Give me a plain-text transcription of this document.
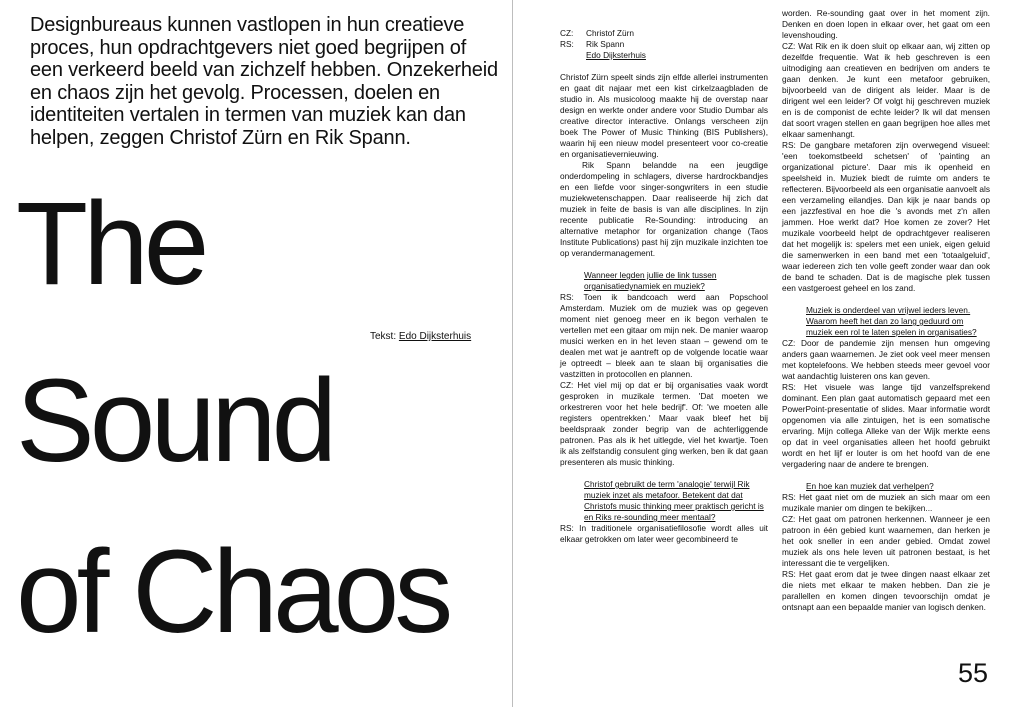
Designbureaus kunnen vastlopen in hun creatieve proces, hun opdrachtgevers niet goed begrijpen of een verkeerd beeld van zichzelf hebben. Onzekerheid en chaos zijn het gevolg. Processen, doelen en identiteiten vertalen in termen van muziek kan dan helpen, zeggen Christof Zürn en Rik Spann.

Tekst: Edo Dijksterhuis
The
Sound
of Chaos
CZ:	Christof Zürn
RS:	Rik Spann
Edo Dijksterhuis

Christof Zürn speelt sinds zijn elfde allerlei instrumenten en gaat dit najaar met een kist cirkelzaagbladen de studio in. Als musicoloog maakte hij de overstap naar design en werkte onder andere voor Studio Dumbar als creative director interactive. Onlangs verscheen zijn boek The Power of Music Thinking (BIS Publishers), waarin hij een nieuw model presenteert voor co-creatie en organisatievernieuwing.

Rik Spann belandde na een jeugdige onderdompeling in schlagers, diverse hardrockbandjes en een liefde voor singer-songwriters in een studie muziekwetenschappen. Daar realiseerde hij zich dat muziek in feite de basis is van alle disciplines. In zijn recente publicatie Re-Sounding: introducing an alternative metaphor for organization change (Taos Institute Publications) past hij zijn muzikale inzichten toe op verandermanagement.

Wanneer legden jullie de link tussen organisatiedynamiek en muziek?

RS: Toen ik bandcoach werd aan Popschool Amsterdam. Muziek om de muziek was op gegeven moment niet genoeg meer en ik begon verhalen te vertellen met een gitaar om mijn nek. De manier waarop musici werken en in het leven staan – gewend om te dealen met wat je aantreft op de volgende locatie waar je optreedt – bleek aan te slaan bij organisaties die vastzitten in protocollen en plannen.

CZ: Het viel mij op dat er bij organisaties vaak wordt gesproken in muzikale termen. 'Dat moeten we orkestreren voor het hele bedrijf'. Of: 'we moeten alle registers opentrekken.' Maar vaak bleef het bij beeldspraak zonder begrip van de achterliggende patronen. Pas als ik het uitlegde, viel het kwartje. Toen ik als zelfstandig consulent ging werken, ben ik dat gaan presenteren als music thinking.

Christof gebruikt de term 'analogie' terwijl Rik muziek inzet als metafoor. Betekent dat dat Christofs music thinking meer praktisch gericht is en Riks re-sounding meer mentaal?

RS: In traditionele organisatiefilosofie wordt alles uit elkaar getrokken om later weer gecombineerd te

worden. Re-sounding gaat over in het moment zijn. Denken en doen lopen in elkaar over, het gaat om een levenshouding.

CZ: Wat Rik en ik doen sluit op elkaar aan, wij zitten op dezelfde frequentie. Wat ik heb geschreven is een uitnodiging aan creatieven en bedrijven om anders te gaan denken. Je kunt een metafoor gebruiken, bijvoorbeeld van de dirigent als leider. Maar is de dirigent wel een leider? Of volgt hij geschreven muziek en is de componist de echte leider? Ik wil dat mensen dat soort vragen stellen en gaan begrijpen hoe alles met elkaar samenhangt.

RS: De gangbare metaforen zijn overwegend visueel: 'een toekomstbeeld schetsen' of 'painting an organizational picture'. Daar mis ik openheid en speelsheid in. Muziek biedt de ruimte om anders te reflecteren. Bijvoorbeeld als een organisatie aanvoelt als een verzameling eilandjes. Dan kijk je naar bands op een jazzfestival en hoe die 's avonds met z'n allen jammen. Hoe werkt dat? Hoe komen ze zover? Het muzikale voorbeeld helpt de opdrachtgever realiseren dat het mogelijk is: spelers met een uniek, eigen geluid die samenwerken in een band met een 'totaalgeluid', waar iedereen zich ten volle geeft zonder waar dan ook de band te schaden. Dat is de magische plek tussen een vastgeroest geheel en los zand.

Muziek is onderdeel van vrijwel ieders leven. Waarom heeft het dan zo lang geduurd om muziek een rol te laten spelen in organisaties?

CZ: Door de pandemie zijn mensen hun omgeving anders gaan waarnemen. Je ziet ook veel meer mensen met koptelefoons. We hebben steeds meer gevoel voor wat aandachtig luisteren ons kan geven.

RS: Het visuele was lange tijd vanzelfsprekend dominant. Een plan gaat automatisch gepaard met een PowerPoint-presentatie of slides. Maar informatie wordt opgenomen via alle zintuigen, het is een somatische ervaring. Mijn collega Alleke van der Wijk merkte eens op dat in veel organisaties alleen het hoofd gebruikt wordt en het lijf er louter is om het hoofd van de ene vergadering naar de andere te brengen.

En hoe kan muziek dat verhelpen?

RS: Het gaat niet om de muziek an sich maar om een muzikale manier om dingen te bekijken...

CZ: Het gaat om patronen herkennen. Wanneer je een patroon in één gebied kunt waarnemen, dan herken je het ook sneller in een ander gebied. Omdat zowel muziek als ons hele leven uit patronen bestaat, is het interessant die te vergelijken.

RS: Het gaat erom dat je twee dingen naast elkaar zet die niets met elkaar te maken hebben. Dan zie je parallellen en komen dingen tevoorschijn omdat je ontsnapt aan een bepaalde manier van logisch denken.

55
